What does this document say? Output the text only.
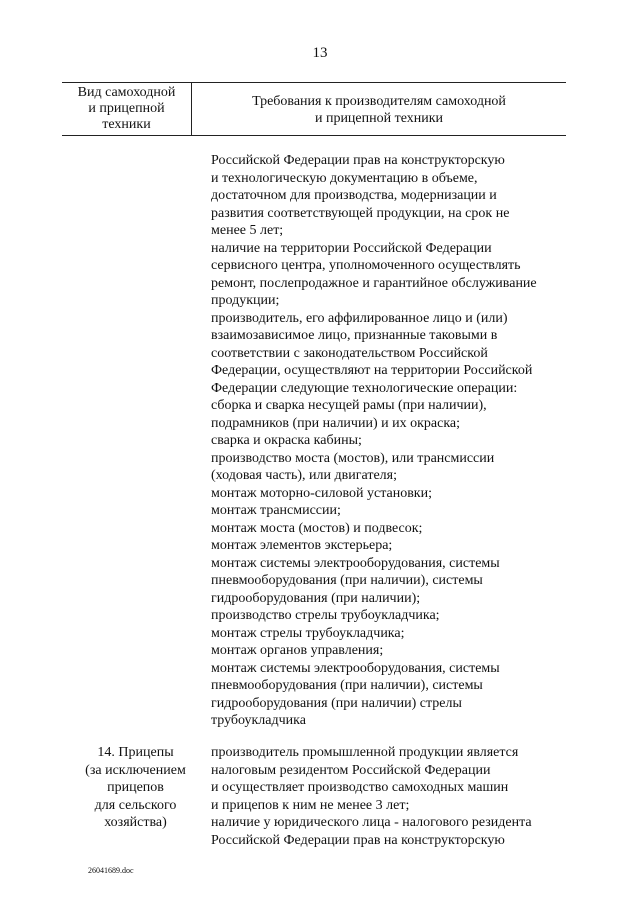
13
Вид самоходной
и прицепной
техники
Требования к производителям самоходной
и прицепной техники
Российской Федерации прав на конструкторскую
и технологическую документацию в объеме,
достаточном для производства, модернизации и
развития соответствующей продукции, на срок не
менее 5 лет;
наличие на территории Российской Федерации
сервисного центра, уполномоченного осуществлять
ремонт, послепродажное и гарантийное обслуживание
продукции;
производитель, его аффилированное лицо и (или)
взаимозависимое лицо, признанные таковыми в
соответствии с законодательством Российской
Федерации, осуществляют на территории Российской
Федерации следующие технологические операции:
сборка и сварка несущей рамы (при наличии),
подрамников (при наличии) и их окраска;
сварка и окраска кабины;
производство моста (мостов), или трансмиссии
(ходовая часть), или двигателя;
монтаж моторно-силовой установки;
монтаж трансмиссии;
монтаж моста (мостов) и подвесок;
монтаж элементов экстерьера;
монтаж системы электрооборудования, системы
пневмооборудования (при наличии), системы
гидрооборудования (при наличии);
производство стрелы трубоукладчика;
монтаж стрелы трубоукладчика;
монтаж органов управления;
монтаж системы электрооборудования, системы
пневмооборудования (при наличии), системы
гидрооборудования (при наличии) стрелы
трубоукладчика
14. Прицепы
(за исключением
прицепов
для сельского
хозяйства)
производитель промышленной продукции является
налоговым резидентом Российской Федерации
и осуществляет производство самоходных машин
и прицепов к ним не менее 3 лет;
наличие у юридического лица - налогового резидента
Российской Федерации прав на конструкторскую
26041689.doc
